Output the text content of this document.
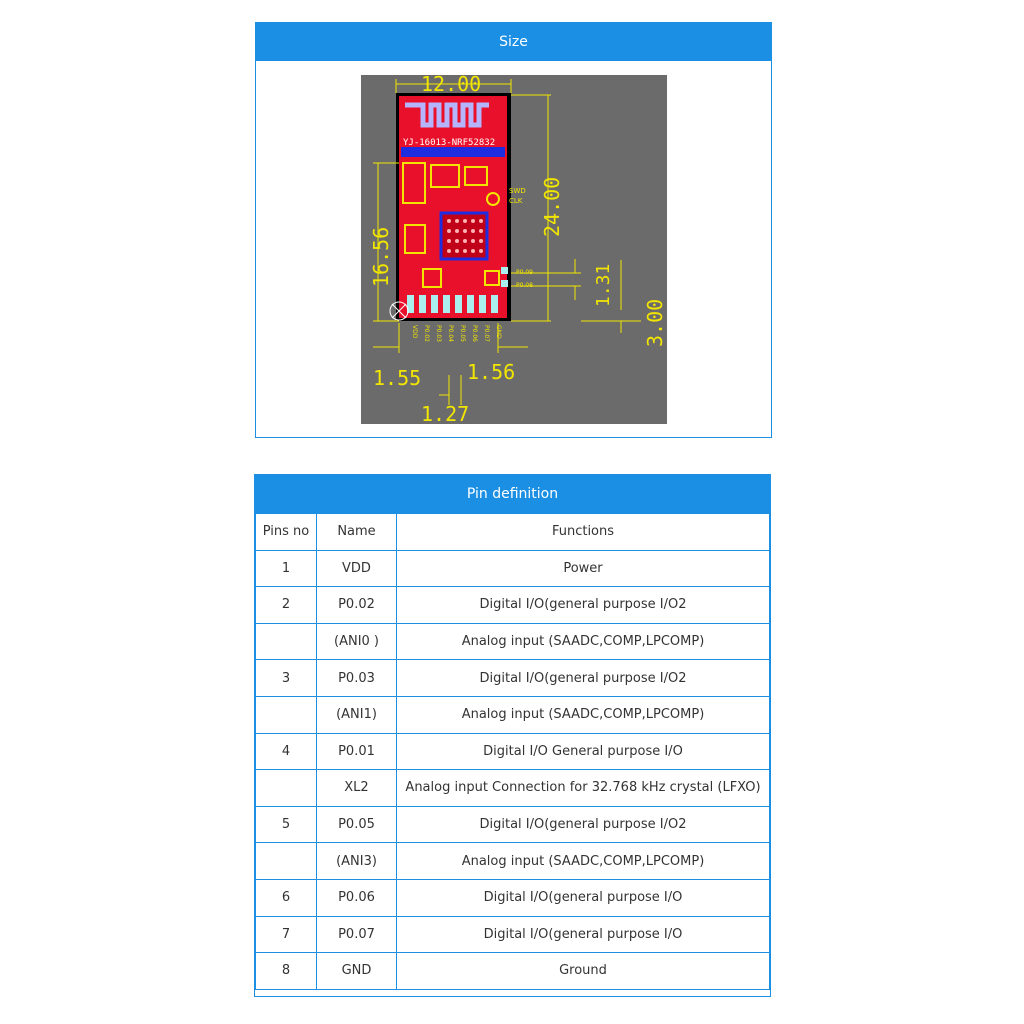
Size
YJ-16013-NRF52832
SWD
CLK
P0.09
P0.08
VDD P0.02 P0.03 P0.04 P0.05 P0.06 P0.07 GND
12.00
24.00
16.56	1.31
3.00
1.55 1.56
1.27
Pin definition
Pins no	Name	Functions
1	VDD	Power
2	P0.02	Digital I/O(general purpose I/O2
	(ANI0 )	Analog input (SAADC,COMP,LPCOMP)
3	P0.03	Digital I/O(general purpose I/O2
	(ANI1)	Analog input (SAADC,COMP,LPCOMP)
4	P0.01	Digital I/O General purpose I/O
	XL2	Analog input Connection for 32.768 kHz crystal (LFXO)
5	P0.05	Digital I/O(general purpose I/O2
	(ANI3)	Analog input (SAADC,COMP,LPCOMP)
6	P0.06	Digital I/O(general purpose I/O
7	P0.07	Digital I/O(general purpose I/O
8	GND	Ground
